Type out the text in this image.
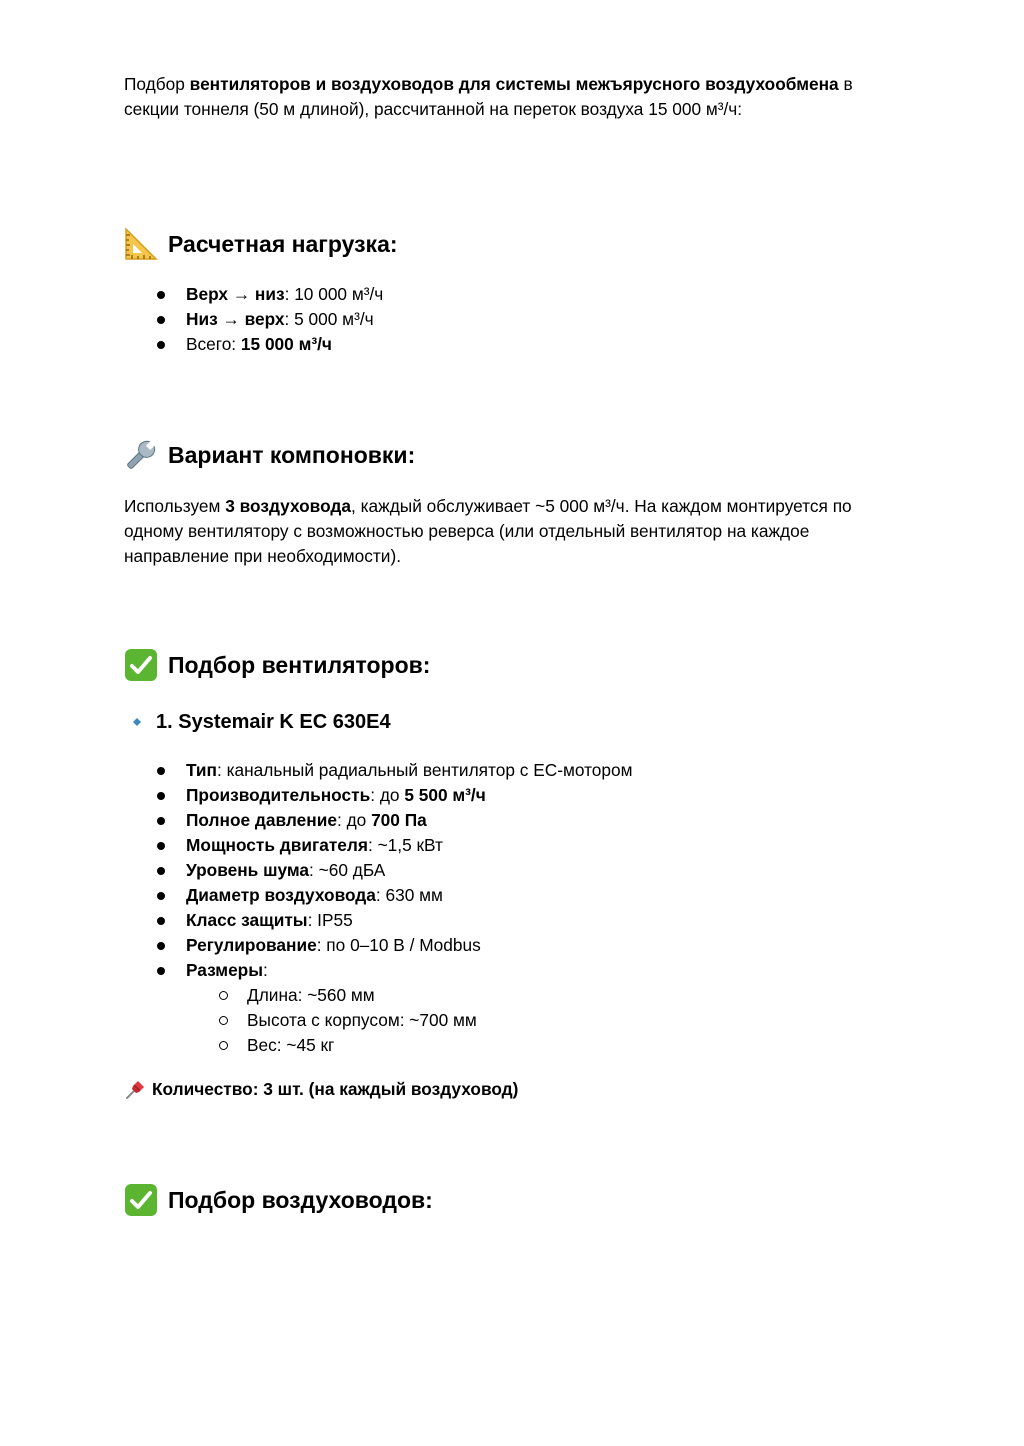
Подбор вентиляторов и воздуховодов для системы межъярусного воздухообмена в секции тоннеля (50 м длиной), рассчитанной на переток воздуха 15 000 м³/ч:

Расчетная нагрузка:
Верх → низ: 10 000 м³/ч
Низ → верх: 5 000 м³/ч
Всего: 15 000 м³/ч
Вариант компоновки:

Используем 3 воздуховода, каждый обслуживает ~5 000 м³/ч. На каждом монтируется по одному вентилятору с возможностью реверса (или отдельный вентилятор на каждое направление при необходимости).

Подбор вентиляторов:
1. Systemair K EC 630E4
Тип: канальный радиальный вентилятор с EC-мотором
Производительность: до 5 500 м³/ч
Полное давление: до 700 Па
Мощность двигателя: ~1,5 кВт
Уровень шума: ~60 дБА
Диаметр воздуховода: 630 мм
Класс защиты: IP55
Регулирование: по 0–10 В / Modbus
Размеры:
Длина: ~560 мм
Высота с корпусом: ~700 мм
Вес: ~45 кг

Количество: 3 шт. (на каждый воздуховод)

Подбор воздуховодов:
